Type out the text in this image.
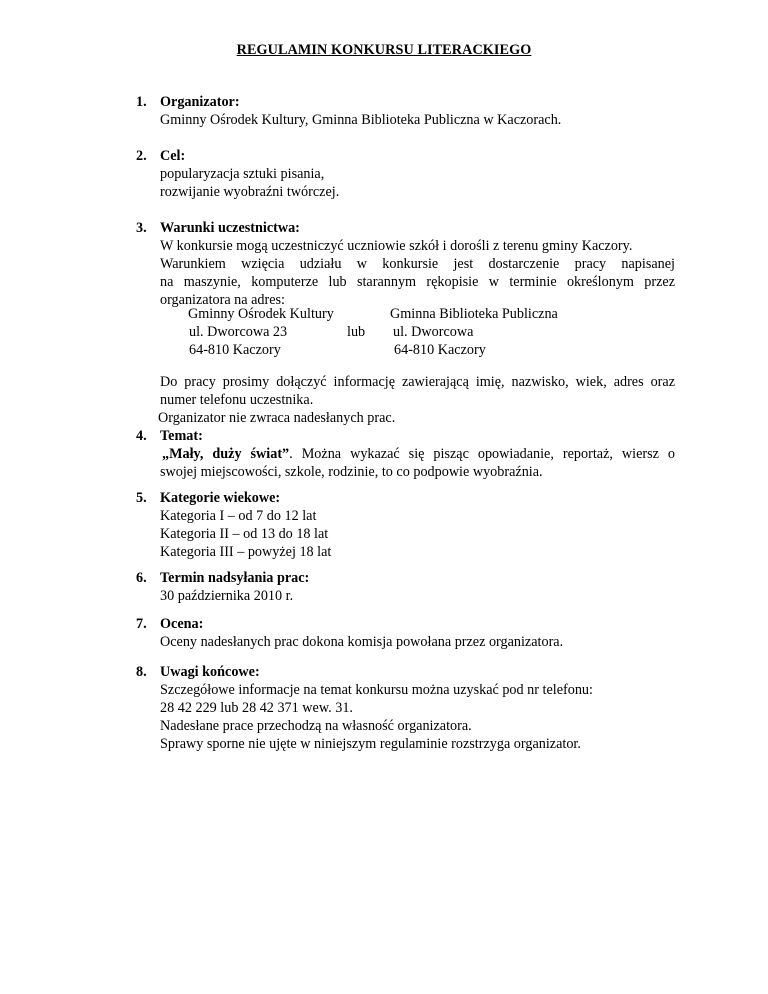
REGULAMIN KONKURSU LITERACKIEGO
1. Organizator:
Gminny Ośrodek Kultury, Gminna Biblioteka Publiczna w Kaczorach.
2. Cel:
popularyzacja sztuki pisania,
rozwijanie wyobraźni twórczej.
3. Warunki uczestnictwa:
W konkursie mogą uczestniczyć uczniowie szkół i dorośli z terenu gminy Kaczory.
Warunkiem wzięcia udziału w konkursie jest dostarczenie pracy napisanej
na maszynie, komputerze lub starannym rękopisie w terminie określonym przez
organizatora na adres:
Gminny Ośrodek Kultury
ul. Dworcowa 23
64-810 Kaczory
lub
Gminna Biblioteka Publiczna
ul. Dworcowa
64-810 Kaczory
Do pracy prosimy dołączyć informację zawierającą imię, nazwisko, wiek, adres oraz
numer telefonu uczestnika.
Organizator nie zwraca nadesłanych prac.
4. Temat:
„Mały, duży świat”. Można wykazać się pisząc opowiadanie, reportaż, wiersz o
swojej miejscowości, szkole, rodzinie, to co podpowie wyobraźnia.
5. Kategorie wiekowe:
Kategoria I – od 7 do 12 lat
Kategoria II – od 13 do 18 lat
Kategoria III – powyżej 18 lat
6. Termin nadsyłania prac:
30 października 2010 r.
7. Ocena:
Oceny nadesłanych prac dokona komisja powołana przez organizatora.
8. Uwagi końcowe:
Szczegółowe informacje na temat konkursu można uzyskać pod nr telefonu:
28 42 229 lub 28 42 371 wew. 31.
Nadesłane prace przechodzą na własność organizatora.
Sprawy sporne nie ujęte w niniejszym regulaminie rozstrzyga organizator.
